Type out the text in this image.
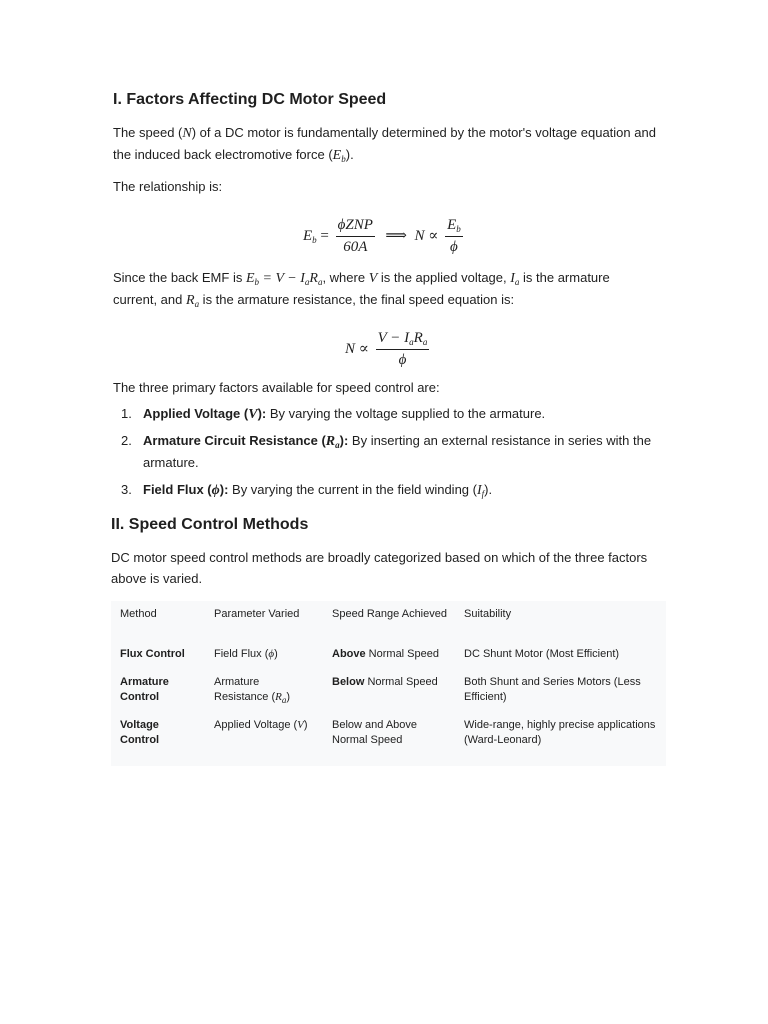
I. Factors Affecting DC Motor Speed

The speed (N) of a DC motor is fundamentally determined by the motor's voltage equation and
the induced back electromotive force $(E_b)$.

The relationship is:

$E_b = \frac{\text{ϕZNP}}{60A}$ ⟹ $N \propto \frac{E_b}{\phi}$

Since the back EMF is $E_b = V - I_aR_a$, where V is the applied voltage, $I_a$ is the armature
current, and $R_a$ is the armature resistance, the final speed equation is:

$N \propto \frac{V - I_aR_a}{\phi}$

The three primary factors available for speed control are:

1. Applied Voltage (V): By varying the voltage supplied to the armature.
2. Armature Circuit Resistance $(R_a)$: By inserting an external resistance in series with the
armature.
3. Field Flux (ϕ): By varying the current in the field winding $(I_f)$.
II. Speed Control Methods

DC motor speed control methods are broadly categorized based on which of the three factors
above is varied.

Method	Parameter Varied	Speed Range Achieved	Suitability
Flux Control	Field Flux (ϕ)	Above Normal Speed	DC Shunt Motor (Most Efficient)
Armature Control	Armature Resistance $(R_a)$	Below Normal Speed	Both Shunt and Series Motors (Less Efficient)
Voltage Control	Applied Voltage (V)	Below and Above Normal Speed	Wide-range, highly precise applications (Ward-Leonard)
